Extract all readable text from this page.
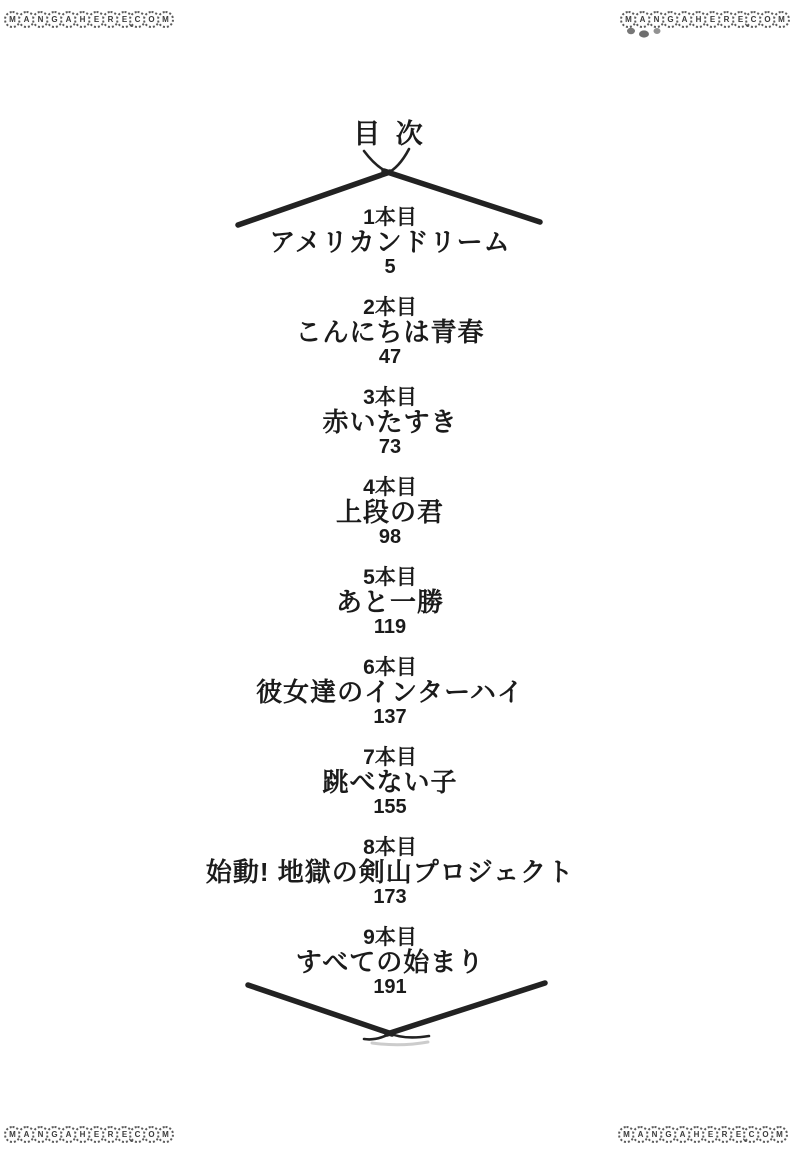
M A	N G	A	H	E	R	E C O M	M A	N G	A	H	E	R	E C O M
M A	N G	A	H	E	R	E C O M	M A	N G	A	H	E	R	E C O M
目 次
1本目
アメリカンドリーム
5
2本目
こんにちは青春
47
3本目
赤いたすき
73
4本目
上段の君
98
5本目
あと一勝
119
6本目
彼女達のインターハイ
137
7本目
跳べない子
155
8本目
始動! 地獄の剣山プロジェクト
173
9本目
すべての始まり
191
